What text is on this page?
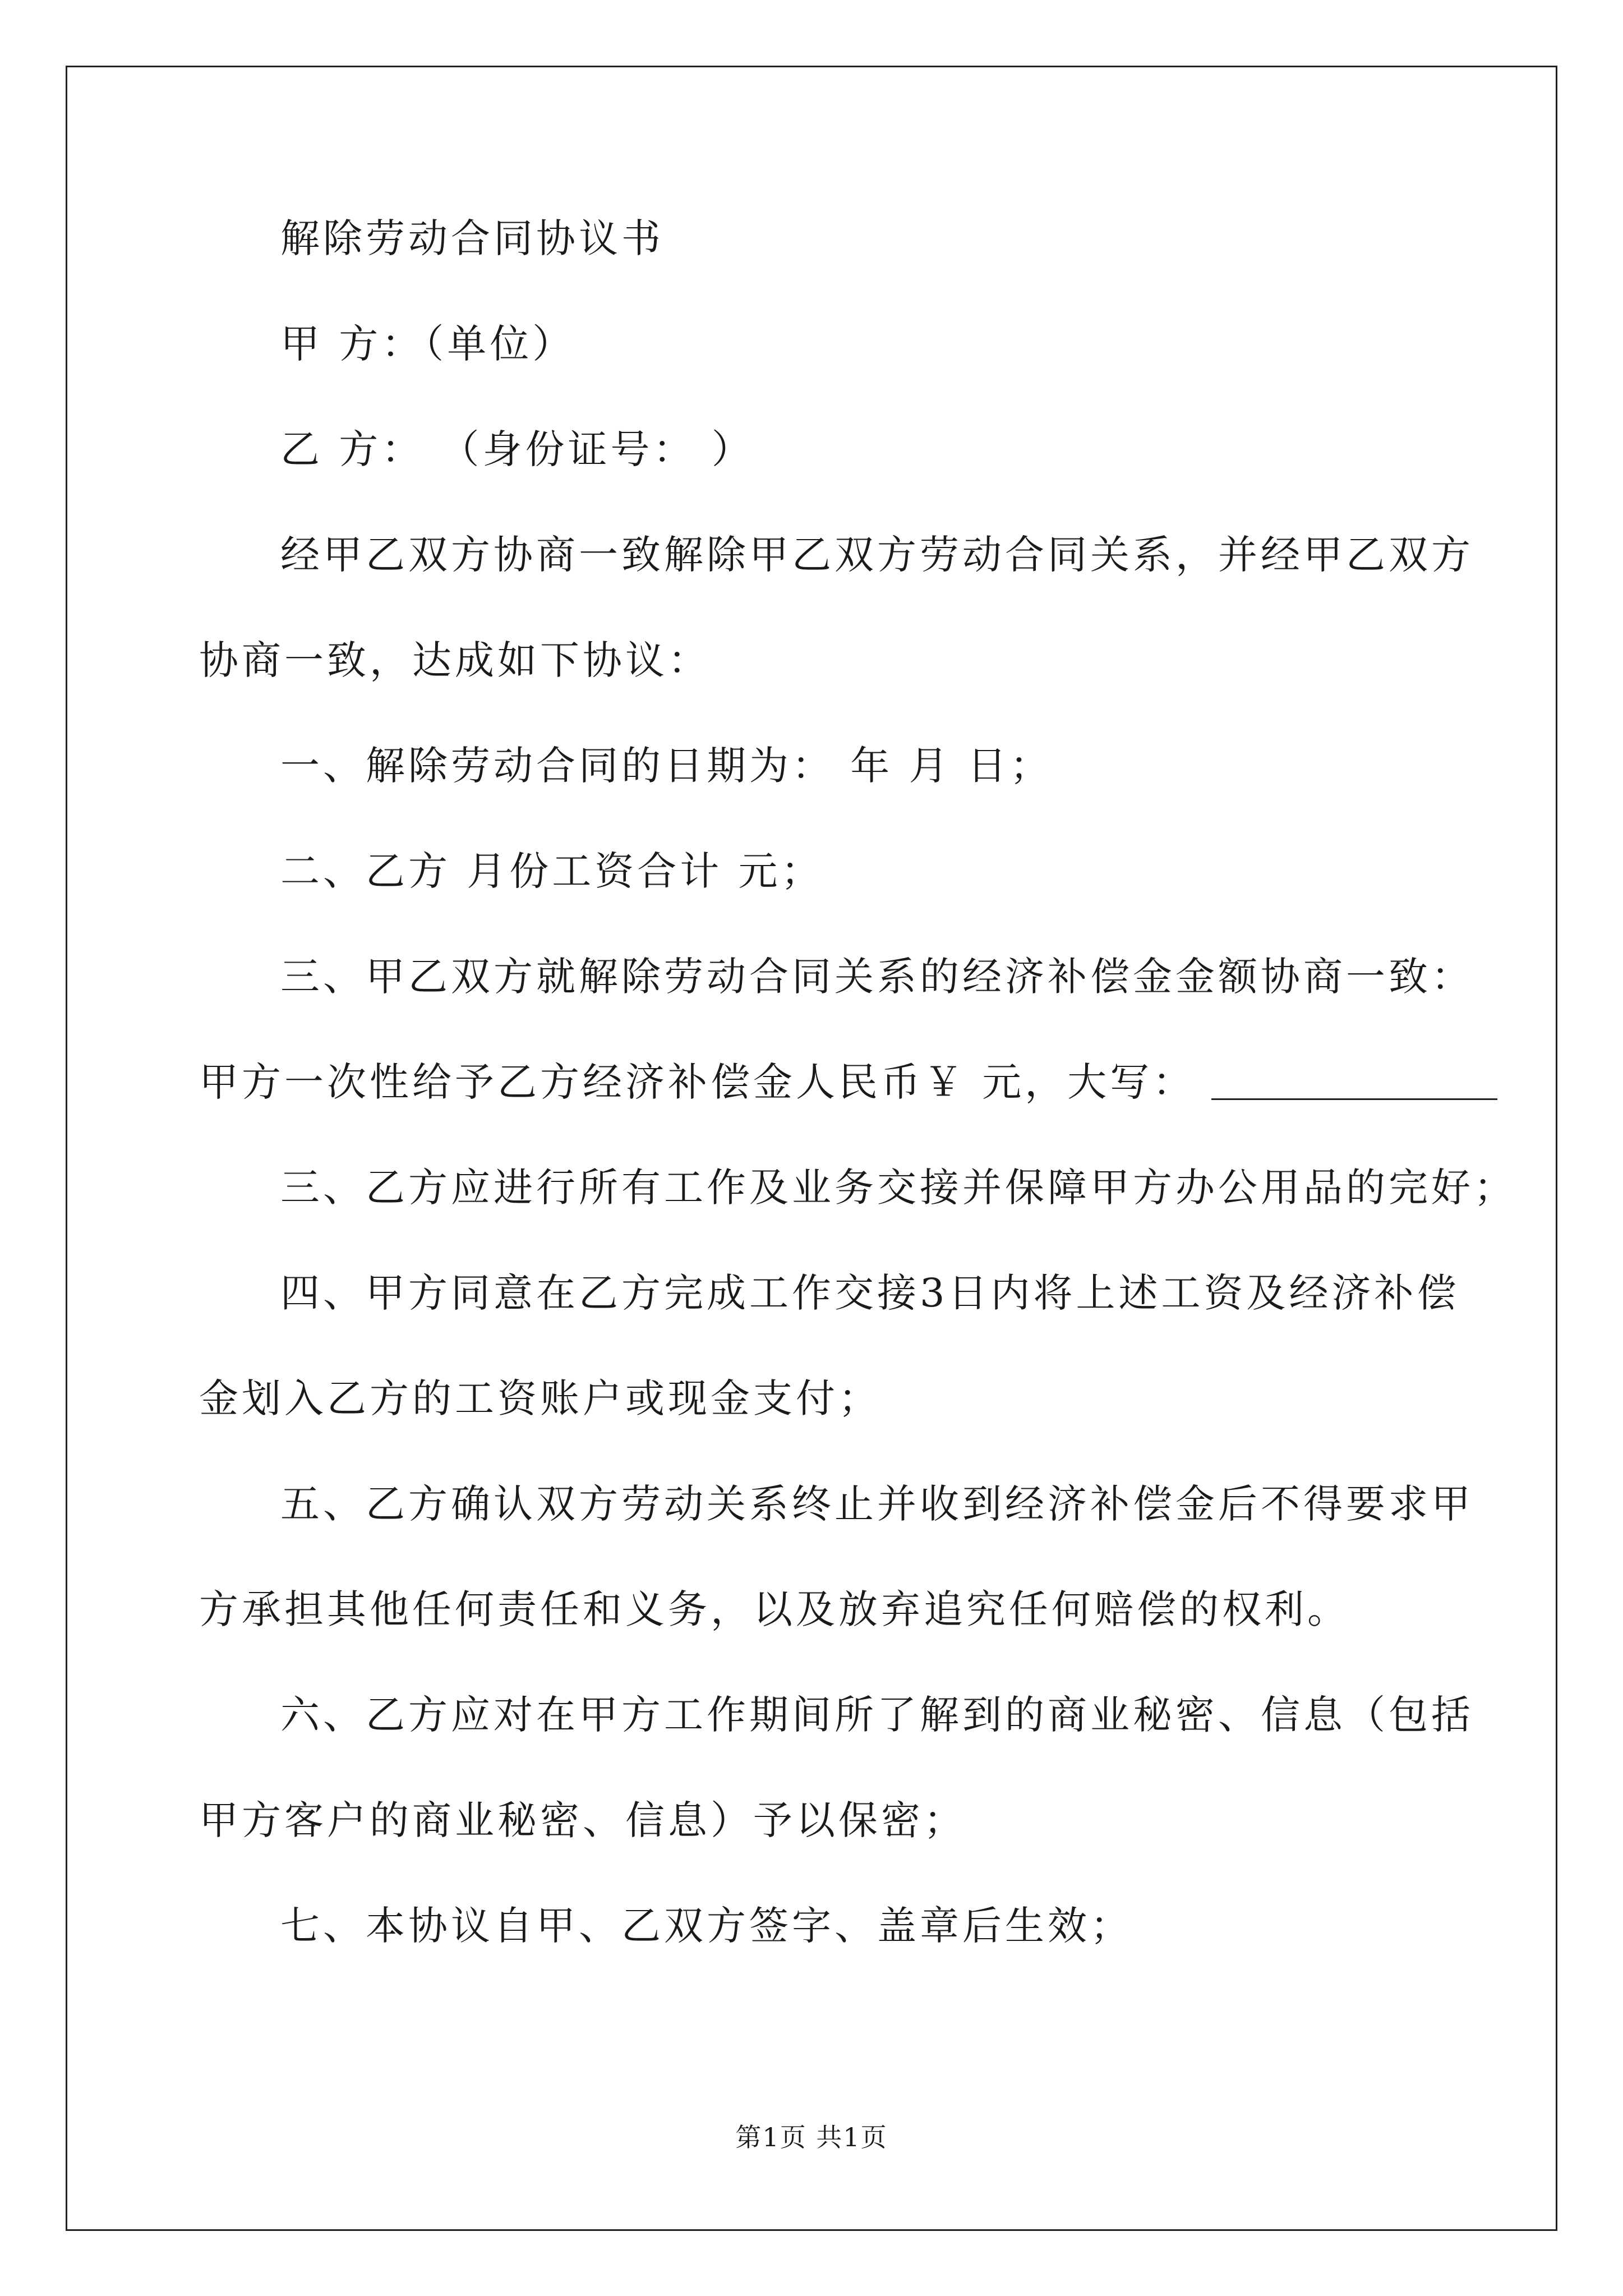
解除劳动合同协议书
甲 方：（单位）
乙 方： （身份证号： ）
经甲乙双方协商一致解除甲乙双方劳动合同关系，并经甲乙双方
协商一致，达成如下协议：
一、解除劳动合同的日期为： 年 月 日；
二、乙方 月份工资合计 元；
三、甲乙双方就解除劳动合同关系的经济补偿金金额协商一致：
甲方一次性给予乙方经济补偿金人民币￥ 元，大写：
三、乙方应进行所有工作及业务交接并保障甲方办公用品的完好；
四、甲方同意在乙方完成工作交接3日内将上述工资及经济补偿
金划入乙方的工资账户或现金支付；
五、乙方确认双方劳动关系终止并收到经济补偿金后不得要求甲
方承担其他任何责任和义务，以及放弃追究任何赔偿的权利。
六、乙方应对在甲方工作期间所了解到的商业秘密、信息（包括
甲方客户的商业秘密、信息）予以保密；
七、本协议自甲、乙双方签字、盖章后生效；
第1页 共1页
